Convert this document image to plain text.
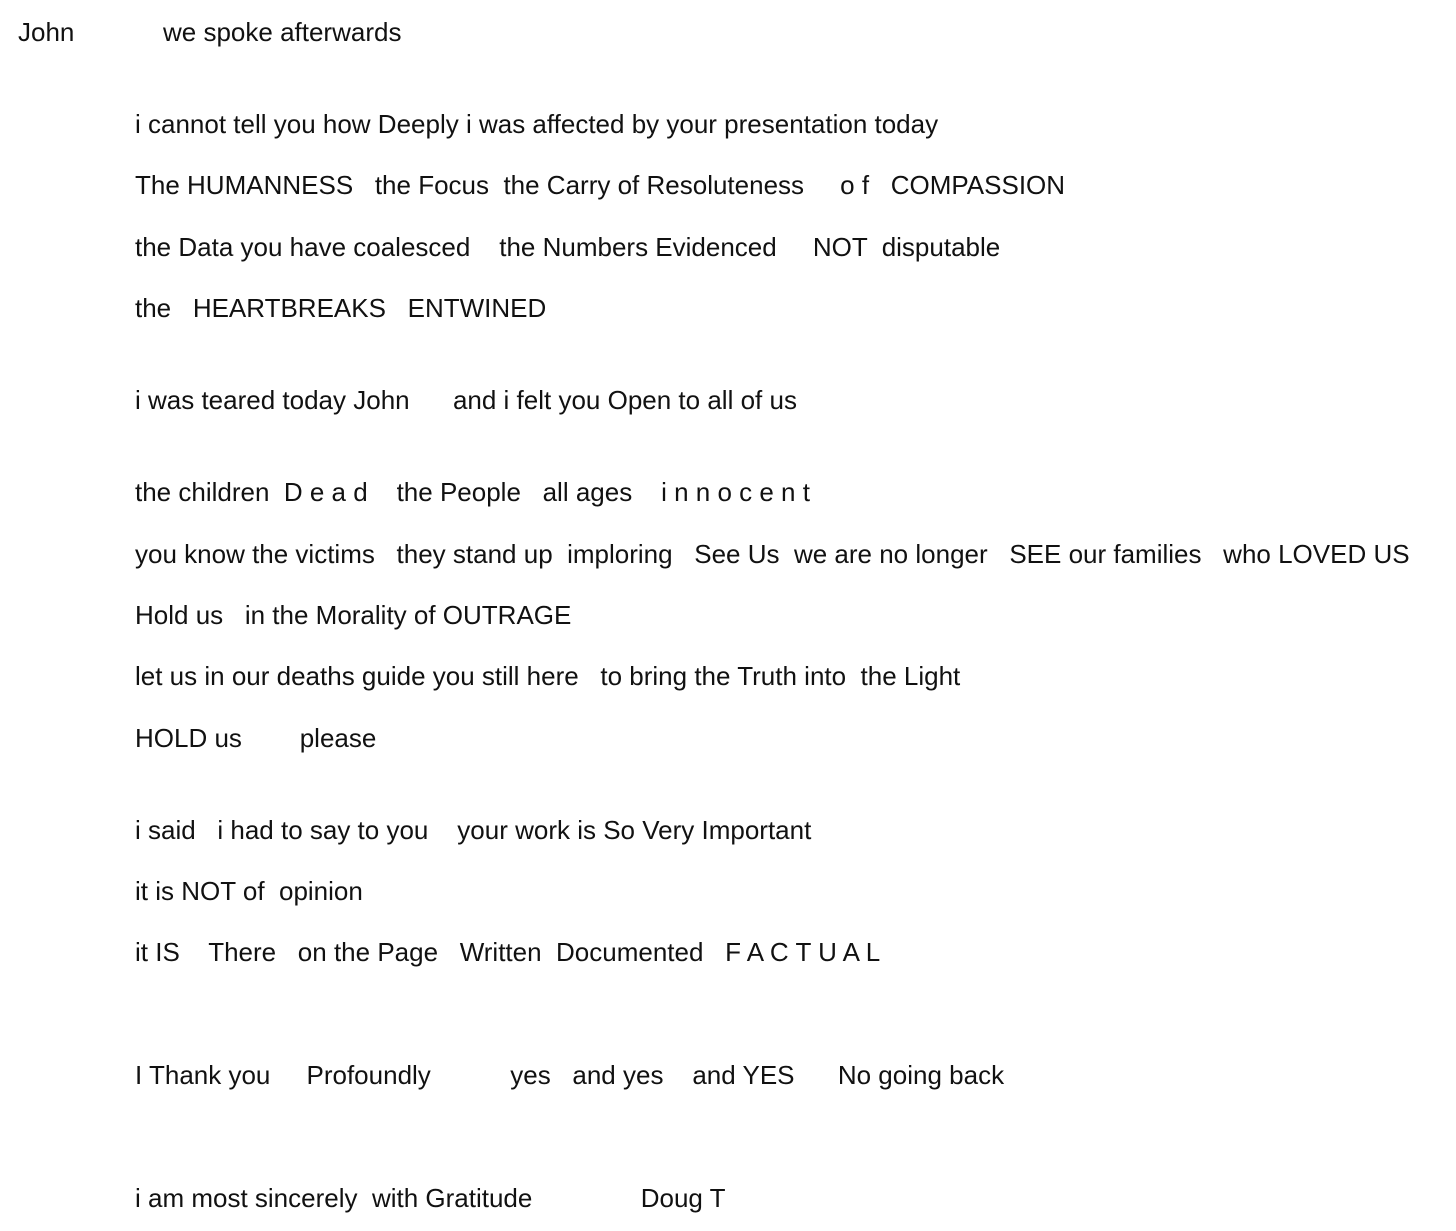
John	we spoke afterwards

i cannot tell you how Deeply i was affected by your presentation today

The HUMANNESS   the Focus  the Carry of Resoluteness     o f   COMPASSION

the Data you have coalesced    the Numbers Evidenced     NOT  disputable

the   HEARTBREAKS   ENTWINED

i was teared today John      and i felt you Open to all of us

the children  D e a d    the People   all ages    i n n o c e n t

you know the victims   they stand up  imploring   See Us  we are no longer   SEE our families   who LOVED US

Hold us   in the Morality of OUTRAGE

let us in our deaths guide you still here   to bring the Truth into  the Light

HOLD us        please

i said   i had to say to you    your work is So Very Important

it is NOT of  opinion

it IS    There   on the Page   Written  Documented   F A C T U A L

I Thank you     Profoundly           yes   and yes    and YES      No going back

i am most sincerely  with Gratitude               Doug T
